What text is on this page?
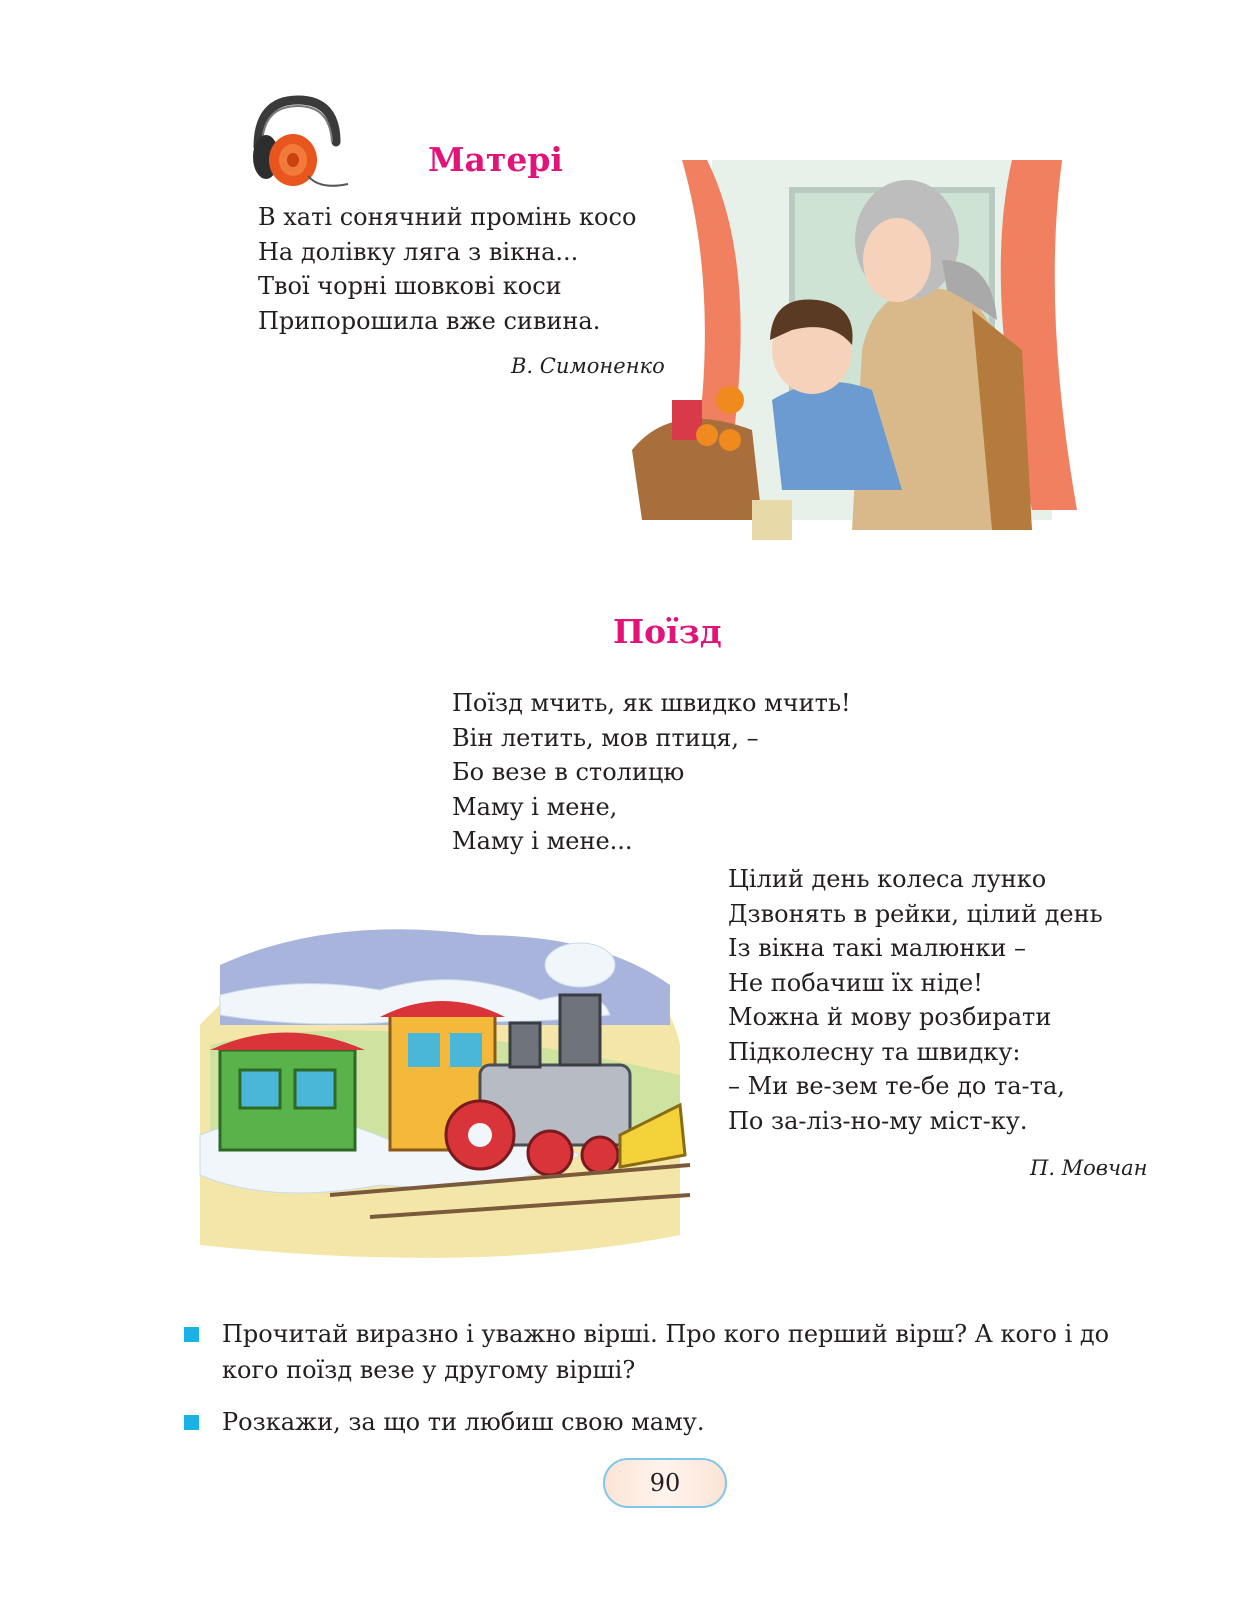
Матері
В хаті сонячний промінь косо
На долівку ляга з вікна...
Твої чорні шовкові коси
Припорошила вже сивина.
В. Симоненко
Поїзд
Поїзд мчить, як швидко мчить!
Він летить, мов птиця, –
Бо везе в столицю
Маму і мене,
Маму і мене...
Цілий день колеса лунко
Дзвонять в рейки, цілий день
Із вікна такі малюнки –
Не побачиш їх ніде!
Можна й мову розбирати
Підколесну та швидку:
– Ми ве-зем те-бе до та-та,
По за-ліз-но-му міст-ку.
П. Мовчан
Прочитай виразно і уважно вірші. Про кого перший вірш? А кого і до кого поїзд везе у другому вірші?
Розкажи, за що ти любиш свою маму.
90
